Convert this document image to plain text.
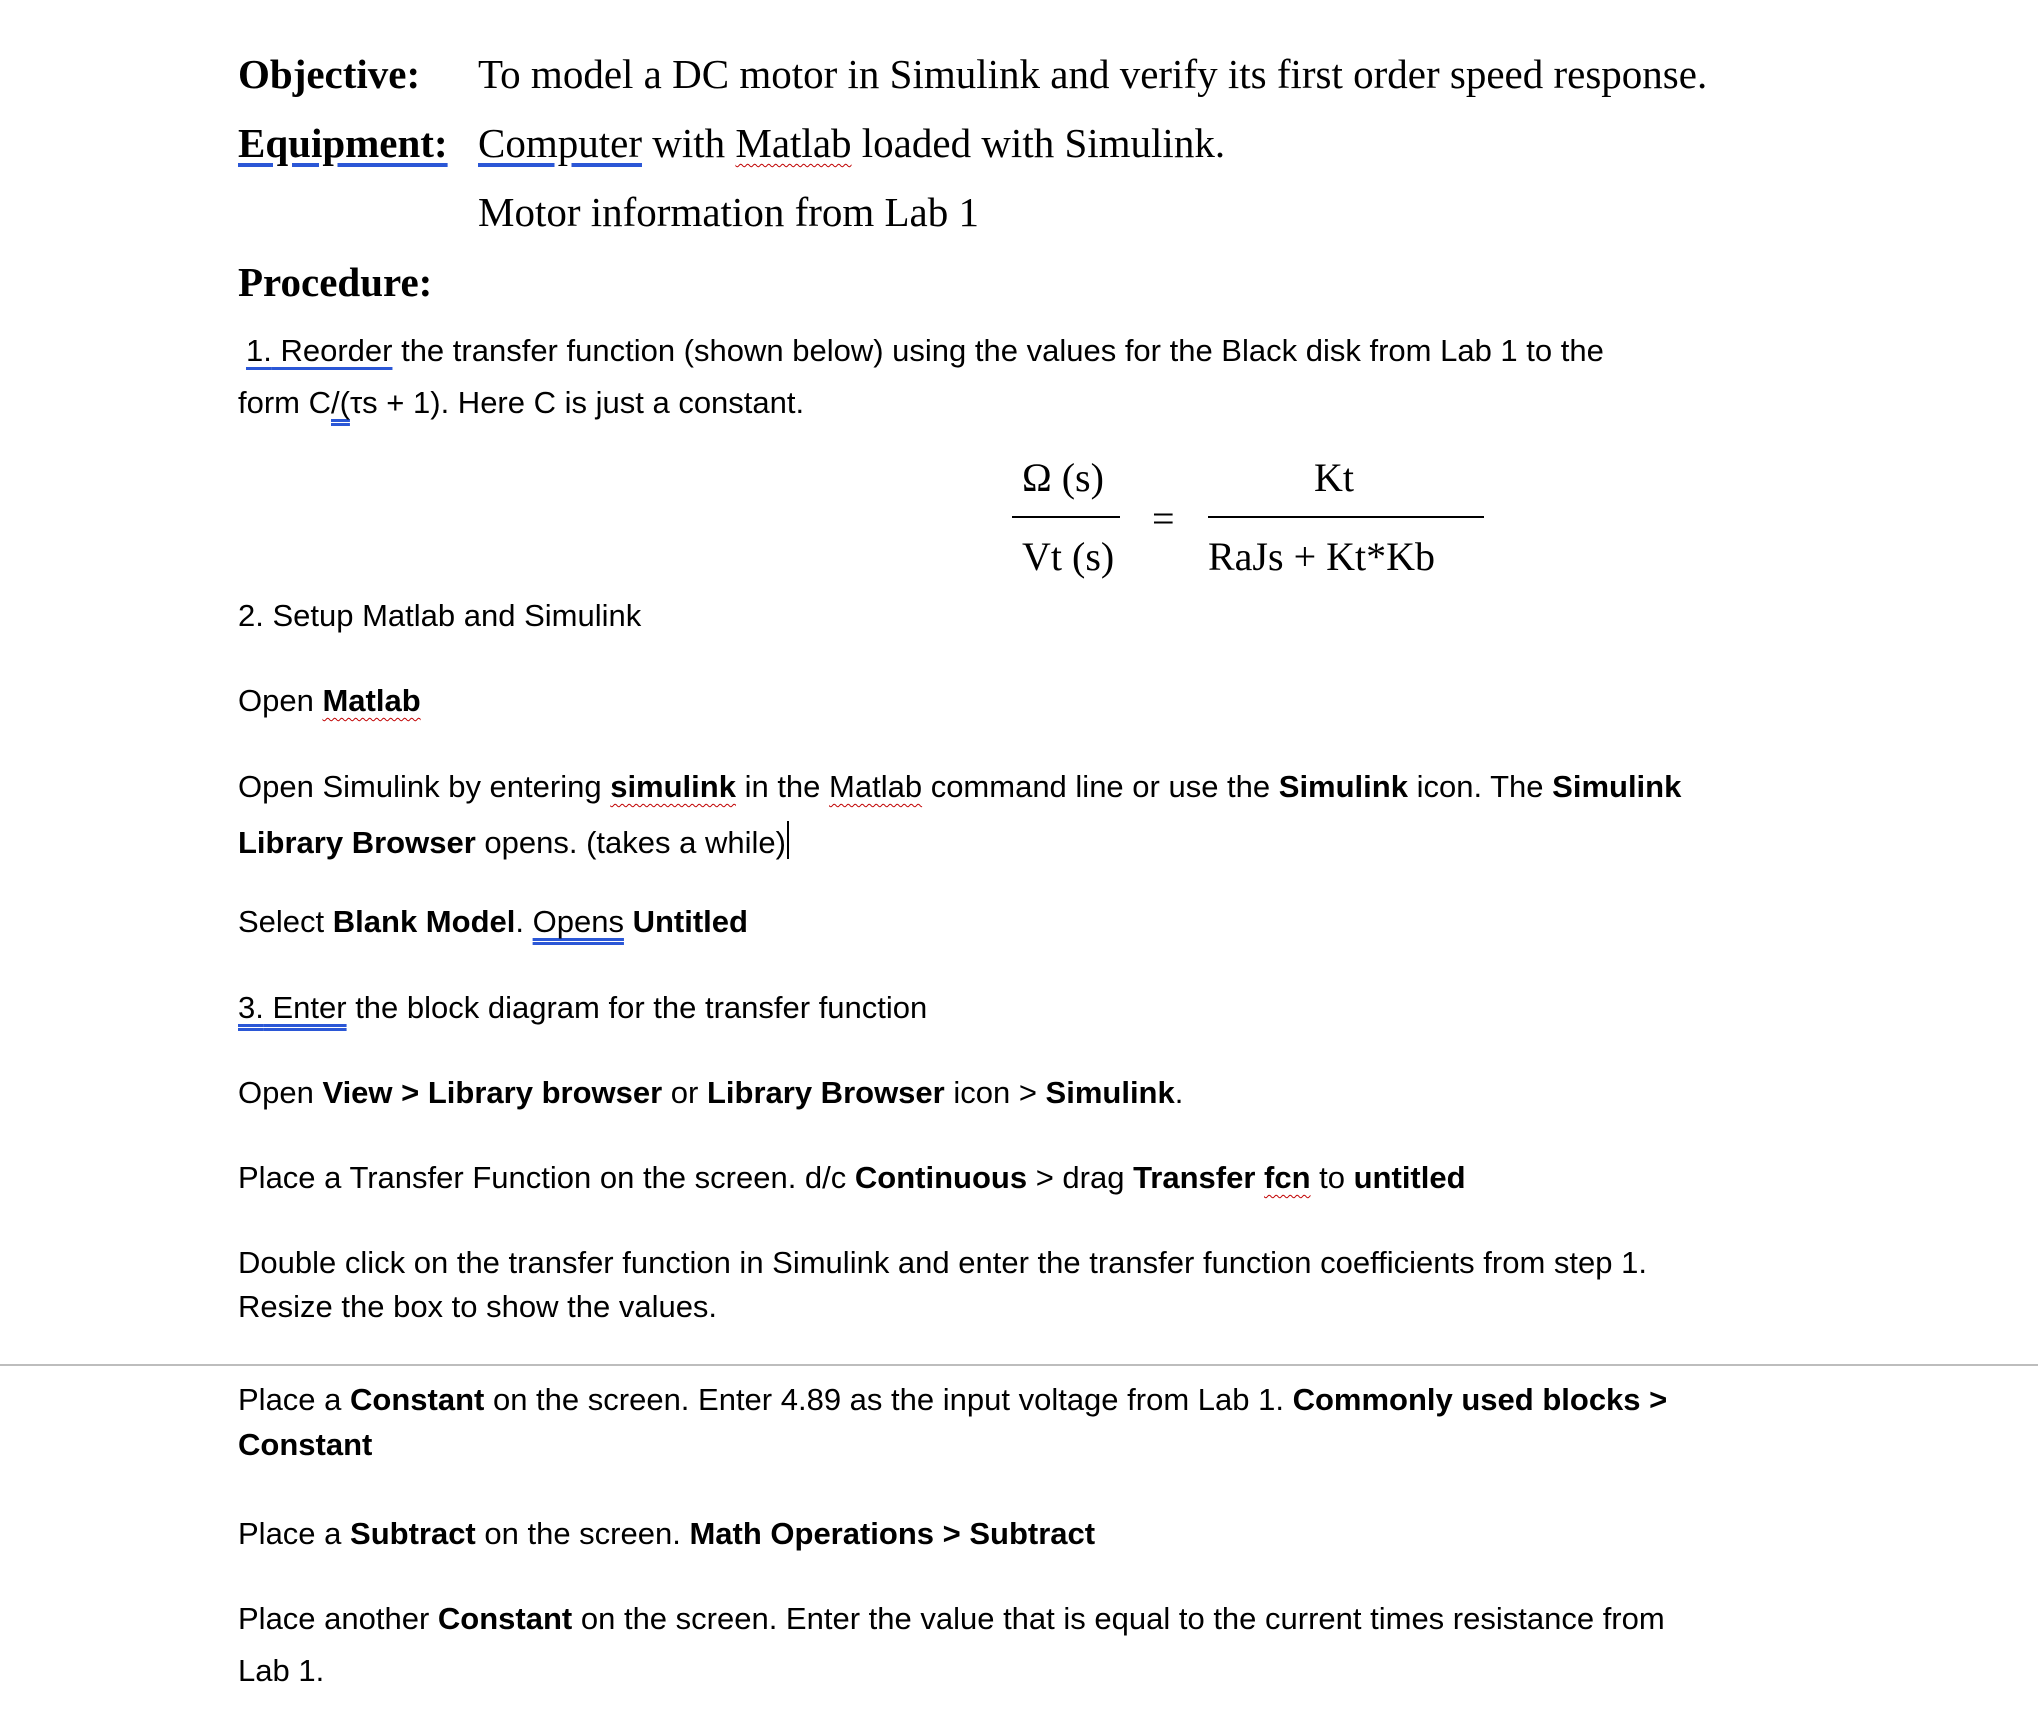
Objective: To model a DC motor in Simulink and verify its first order speed response.
Equipment: Computer with Matlab loaded with Simulink.
Motor information from Lab 1
Procedure:
1. Reorder the transfer function (shown below) using the values for the Black disk from Lab 1 to the
form C/(τs + 1). Here C is just a constant.
Ω (s)
Vt (s)
=
Kt
RaJs + Kt*Kb
2. Setup Matlab and Simulink
Open Matlab
Open Simulink by entering simulink in the Matlab command line or use the Simulink icon. The Simulink
Library Browser opens. (takes a while)
Select Blank Model. Opens Untitled
3. Enter the block diagram for the transfer function
Open View > Library browser or Library Browser icon > Simulink.
Place a Transfer Function on the screen. d/c Continuous > drag Transfer fcn to untitled
Double click on the transfer function in Simulink and enter the transfer function coefficients from step 1.
Resize the box to show the values.
Place a Constant on the screen. Enter 4.89 as the input voltage from Lab 1. Commonly used blocks >
Constant
Place a Subtract on the screen. Math Operations > Subtract
Place another Constant on the screen. Enter the value that is equal to the current times resistance from
Lab 1.
